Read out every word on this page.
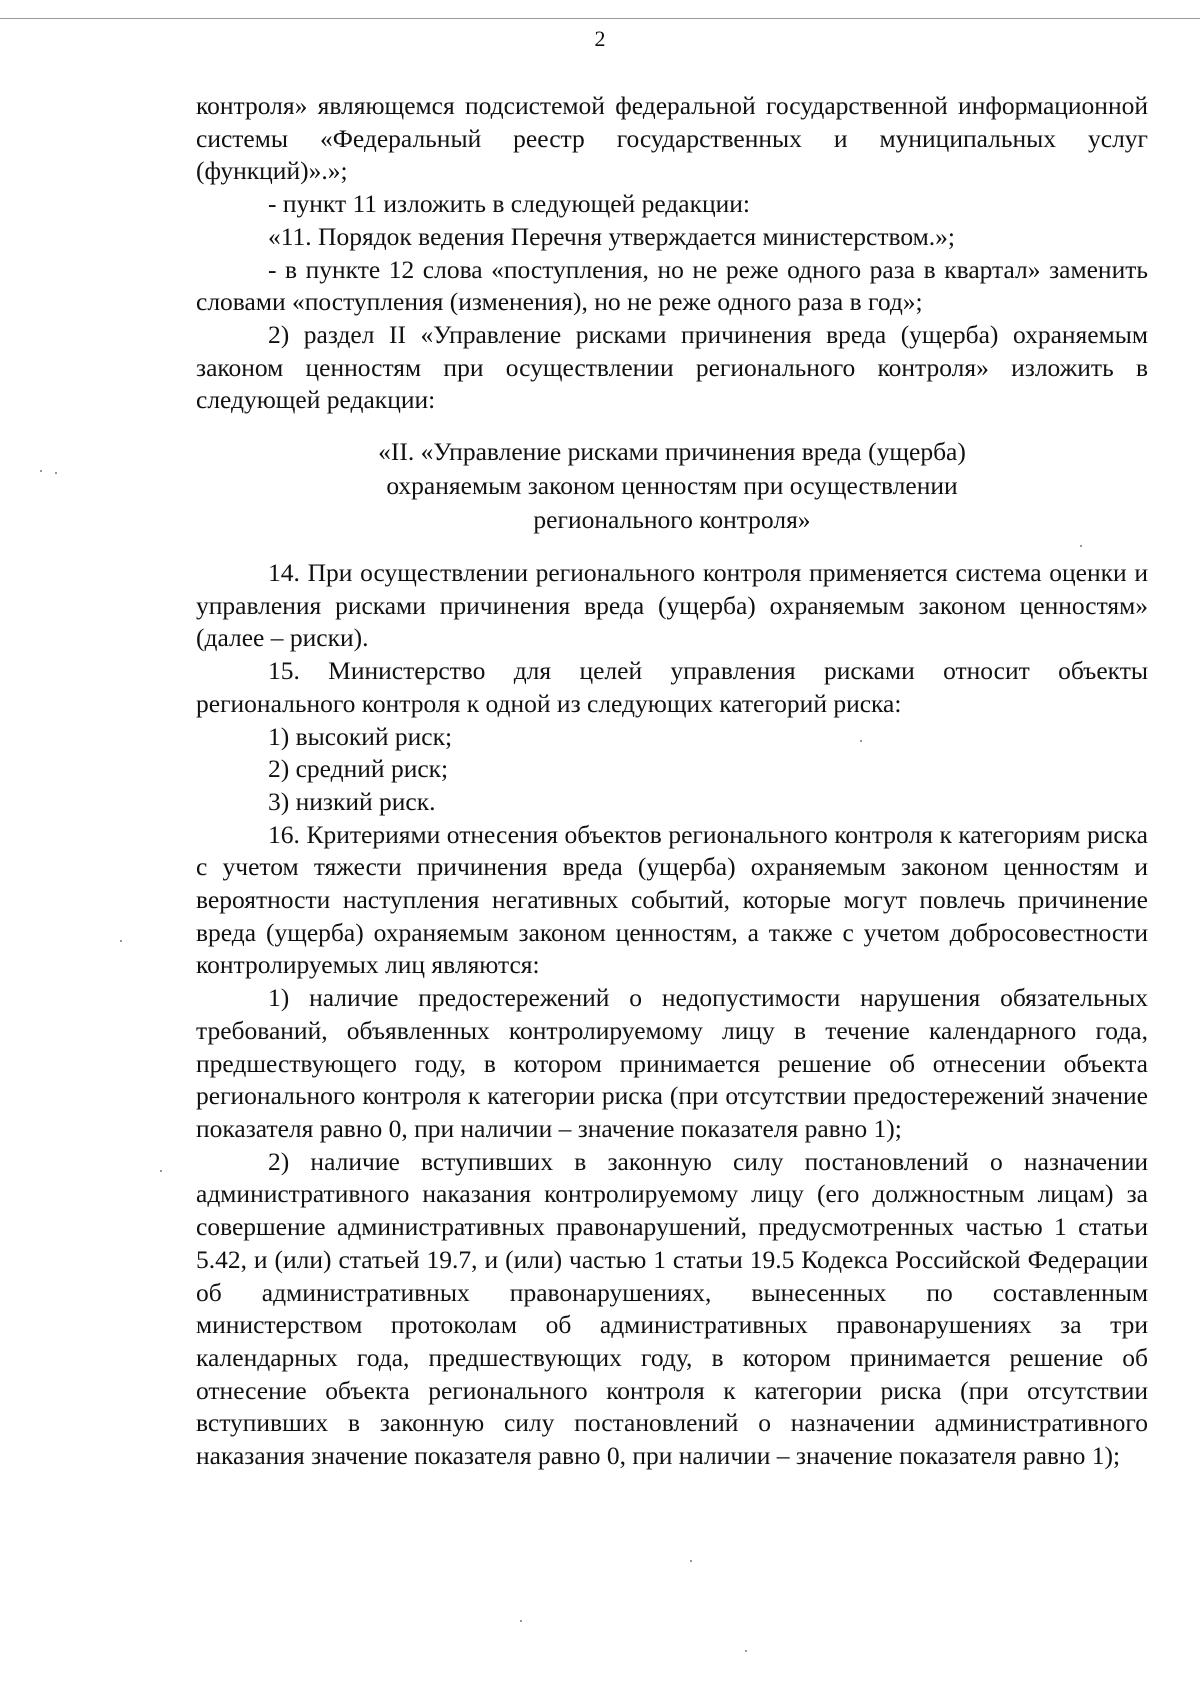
2

контроля» являющемся подсистемой федеральной государственной информационной системы «Федеральный реестр государственных и муниципальных услуг (функций)».»;

- пункт 11 изложить в следующей редакции:

«11. Порядок ведения Перечня утверждается министерством.»;

- в пункте 12 слова «поступления, но не реже одного раза в квартал» заменить словами «поступления (изменения), но не реже одного раза в год»;

2) раздел II «Управление рисками причинения вреда (ущерба) охраняемым законом ценностям при осуществлении регионального контроля» изложить в следующей редакции:

«II. «Управление рисками причинения вреда (ущерба)
охраняемым законом ценностям при осуществлении
регионального контроля»

14. При осуществлении регионального контроля применяется система оценки и управления рисками причинения вреда (ущерба) охраняемым законом ценностям» (далее – риски).

15. Министерство для целей управления рисками относит объекты регионального контроля к одной из следующих категорий риска:

1) высокий риск;

2) средний риск;

3) низкий риск.

16. Критериями отнесения объектов регионального контроля к категориям риска с учетом тяжести причинения вреда (ущерба) охраняемым законом ценностям и вероятности наступления негативных событий, которые могут повлечь причинение вреда (ущерба) охраняемым законом ценностям, а также с учетом добросовестности контролируемых лиц являются:

1) наличие предостережений о недопустимости нарушения обязательных требований, объявленных контролируемому лицу в течение календарного года, предшествующего году, в котором принимается решение об отнесении объекта регионального контроля к категории риска (при отсутствии предостережений значение показателя равно 0, при наличии – значение показателя равно 1);

2) наличие вступивших в законную силу постановлений о назначении административного наказания контролируемому лицу (его должностным лицам) за совершение административных правонарушений, предусмотренных частью 1 статьи 5.42, и (или) статьей 19.7, и (или) частью 1 статьи 19.5 Кодекса Российской Федерации об административных правонарушениях, вынесенных по составленным министерством протоколам об административных правонарушениях за три календарных года, предшествующих году, в котором принимается решение об отнесение объекта регионального контроля к категории риска (при отсутствии вступивших в законную силу постановлений о назначении административного наказания значение показателя равно 0, при наличии – значение показателя равно 1);
